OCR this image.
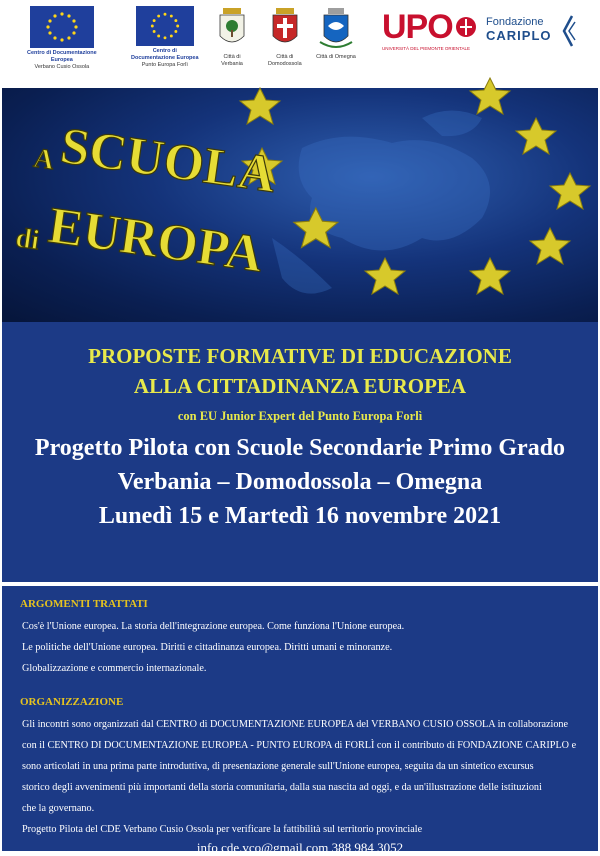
Centro di Documentazione
Europea
Verbano Cusio Ossola
Centro di
Documentazione Europea
Punto Europa Forlì
Città di
Verbania
Città di
Domodossola
Città di Omegna
UPO
UNIVERSITÀ DEL PIEMONTE ORIENTALE
Fondazione
CARIPLO
A SCUOLA
di EUROPA
PROPOSTE FORMATIVE DI EDUCAZIONE
ALLA CITTADINANZA EUROPEA
con EU Junior Expert del Punto Europa Forlì
Progetto Pilota con Scuole Secondarie Primo Grado
Verbania – Domodossola – Omegna
Lunedì 15 e Martedì 16 novembre 2021
ARGOMENTI TRATTATI
Cos'è l'Unione europea. La storia dell'integrazione europea. Come funziona l'Unione europea.
Le politiche dell'Unione europea. Diritti e cittadinanza europea. Diritti umani e minoranze.
Globalizzazione e commercio internazionale.
ORGANIZZAZIONE
Gli incontri sono organizzati dal CENTRO di DOCUMENTAZIONE EUROPEA del VERBANO CUSIO OSSOLA in collaborazione
con il CENTRO DI DOCUMENTAZIONE EUROPEA - PUNTO EUROPA di FORLÌ con il contributo di FONDAZIONE CARIPLO e
sono articolati in una prima parte introduttiva, di presentazione generale sull'Unione europea, seguita da un sintetico excursus
storico degli avvenimenti più importanti della storia comunitaria, dalla sua nascita ad oggi, e da un'illustrazione delle istituzioni
che la governano.
Progetto Pilota del CDE Verbano Cusio Ossola per verificare la fattibilità sul territorio provinciale
info cde.vco@gmail.com 388 984 3052
